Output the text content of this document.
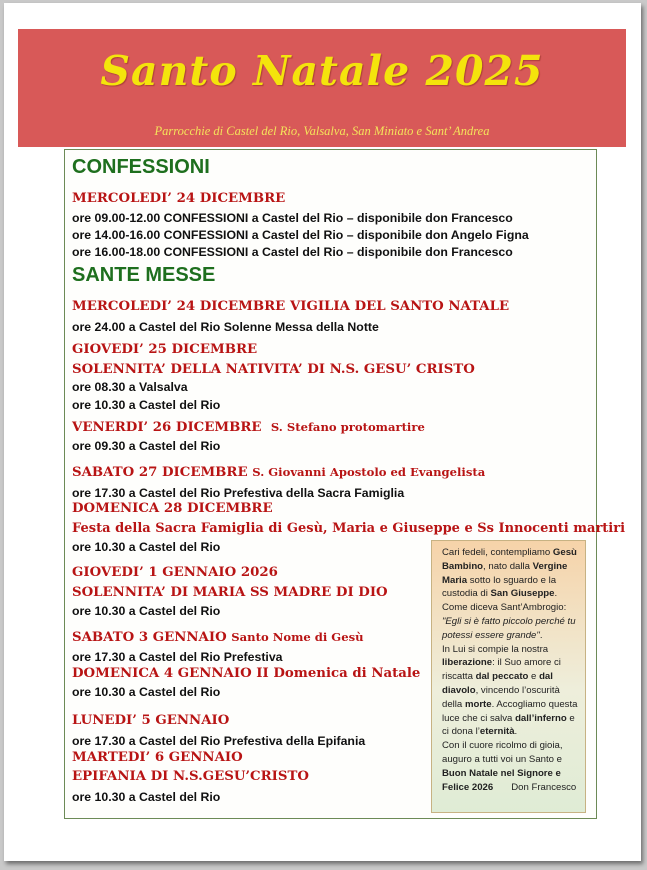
Santo Natale 2025
Parrocchie di Castel del Rio, Valsalva, San Miniato e Sant’ Andrea
CONFESSIONI
MERCOLEDI’ 24 DICEMBRE
ore 09.00-12.00 CONFESSIONI a Castel del Rio – disponibile don Francesco
ore 14.00-16.00 CONFESSIONI a Castel del Rio – disponibile don Angelo Figna
ore 16.00-18.00 CONFESSIONI a Castel del Rio – disponibile don Francesco
SANTE MESSE
MERCOLEDI’ 24 DICEMBRE VIGILIA DEL SANTO NATALE
ore 24.00 a Castel del Rio Solenne Messa della Notte
GIOVEDI’ 25 DICEMBRE
SOLENNITA’ DELLA NATIVITA’ DI N.S. GESU’ CRISTO
ore 08.30 a Valsalva
ore 10.30 a Castel del Rio
VENERDI’ 26 DICEMBRE S. Stefano protomartire
ore 09.30 a Castel del Rio
SABATO 27 DICEMBRE S. Giovanni Apostolo ed Evangelista
ore 17.30 a Castel del Rio Prefestiva della Sacra Famiglia
DOMENICA 28 DICEMBRE
Festa della Sacra Famiglia di Gesù, Maria e Giuseppe e Ss Innocenti martiri
ore 10.30 a Castel del Rio
GIOVEDI’ 1 GENNAIO 2026
SOLENNITA’ DI MARIA SS MADRE DI DIO
ore 10.30 a Castel del Rio
SABATO 3 GENNAIO Santo Nome di Gesù
ore 17.30 a Castel del Rio Prefestiva
DOMENICA 4 GENNAIO II Domenica di Natale
ore 10.30 a Castel del Rio
LUNEDI’ 5 GENNAIO
ore 17.30 a Castel del Rio Prefestiva della Epifania
MARTEDI’ 6 GENNAIO
EPIFANIA DI N.S.GESU’CRISTO
ore 10.30 a Castel del Rio

Cari fedeli, contempliamo Gesù Bambino, nato dalla Vergine Maria sotto lo sguardo e la custodia di San Giuseppe. Come diceva Sant’Ambrogio: "Egli si è fatto piccolo perché tu potessi essere grande".
In Lui si compie la nostra liberazione: il Suo amore ci riscatta dal peccato e dal diavolo, vincendo l’oscurità della morte. Accogliamo questa luce che ci salva dall’inferno e ci dona l’eternità.
Con il cuore ricolmo di gioia, auguro a tutti voi un Santo e Buon Natale nel Signore e Felice 2026 Don Francesco
